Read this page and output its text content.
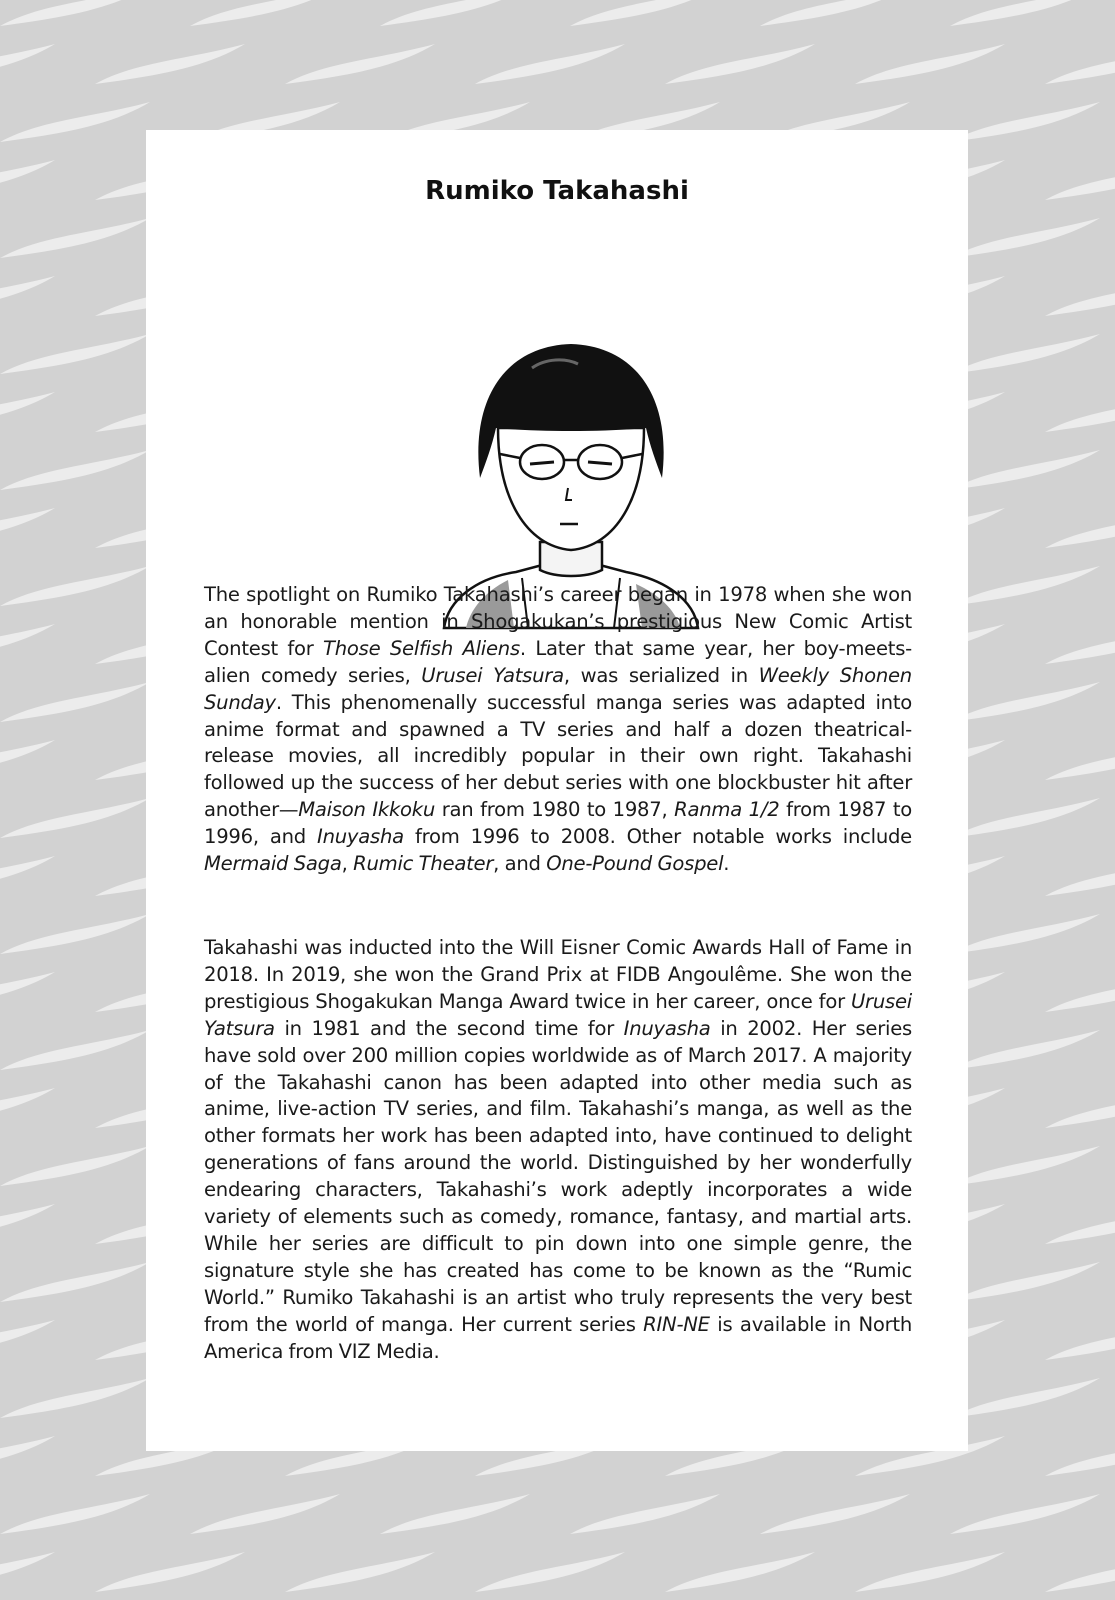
Rumiko Takahashi

The spotlight on Rumiko Takahashi’s career began in 1978 when she won an honorable mention in Shogakukan’s prestigious New Comic Artist Contest for Those Selfish Aliens. Later that same year, her boy-meets-alien comedy series, Urusei Yatsura, was serialized in Weekly Shonen Sunday. This phenomenally successful manga series was adapted into anime format and spawned a TV series and half a dozen theatrical-release movies, all incredibly popular in their own right. Takahashi followed up the success of her debut series with one blockbuster hit after another—Maison Ikkoku ran from 1980 to 1987, Ranma 1/2 from 1987 to 1996, and Inuyasha from 1996 to 2008. Other notable works include Mermaid Saga, Rumic Theater, and One-Pound Gospel.

Takahashi was inducted into the Will Eisner Comic Awards Hall of Fame in 2018. In 2019, she won the Grand Prix at FIDB Angoulême. She won the prestigious Shogakukan Manga Award twice in her career, once for Urusei Yatsura in 1981 and the second time for Inuyasha in 2002. Her series have sold over 200 million copies worldwide as of March 2017. A majority of the Takahashi canon has been adapted into other media such as anime, live-action TV series, and film. Takahashi’s manga, as well as the other formats her work has been adapted into, have continued to delight generations of fans around the world. Distinguished by her wonderfully endearing characters, Takahashi’s work adeptly incorporates a wide variety of elements such as comedy, romance, fantasy, and martial arts. While her series are difficult to pin down into one simple genre, the signature style she has created has come to be known as the “Rumic World.” Rumiko Takahashi is an artist who truly represents the very best from the world of manga. Her current series RIN-NE is available in North America from VIZ Media.
